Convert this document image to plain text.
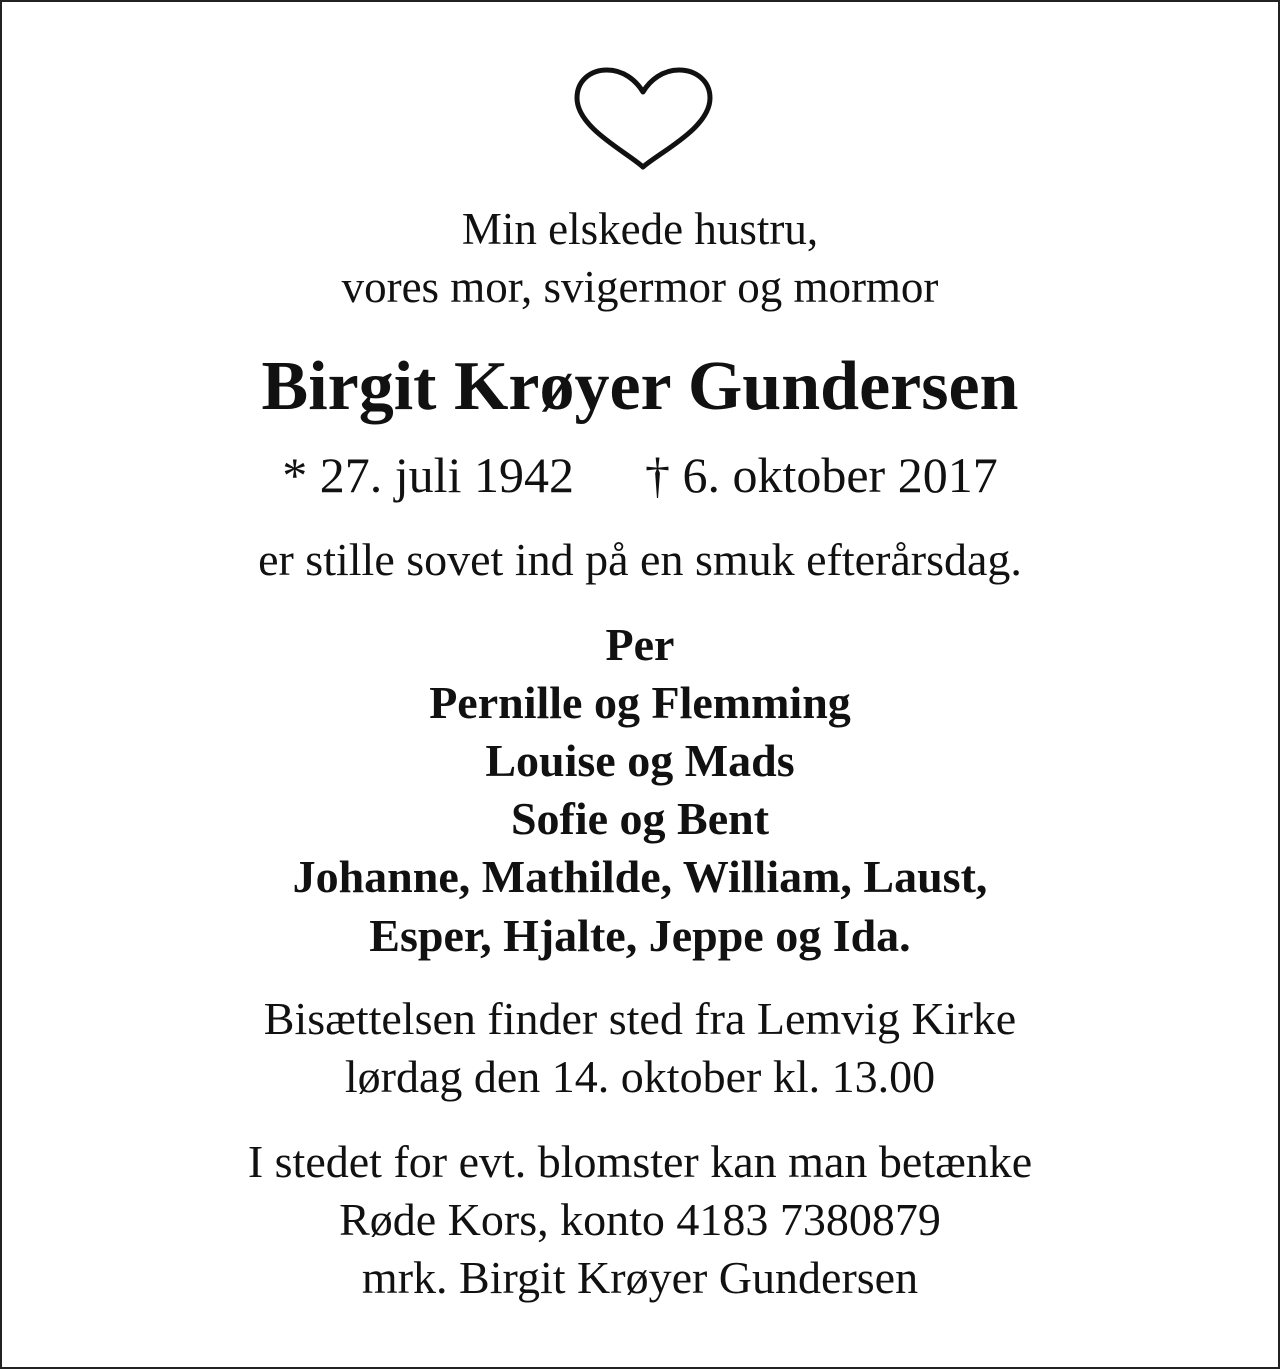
Min elskede hustru,
vores mor, svigermor og mormor
Birgit Krøyer Gundersen
* 27. juli 1942 † 6. oktober 2017
er stille sovet ind på en smuk efterårsdag.
Per
Pernille og Flemming
Louise og Mads
Sofie og Bent
Johanne, Mathilde, William, Laust,
Esper, Hjalte, Jeppe og Ida.
Bisættelsen finder sted fra Lemvig Kirke
lørdag den 14. oktober kl. 13.00
I stedet for evt. blomster kan man betænke
Røde Kors, konto 4183 7380879
mrk. Birgit Krøyer Gundersen
